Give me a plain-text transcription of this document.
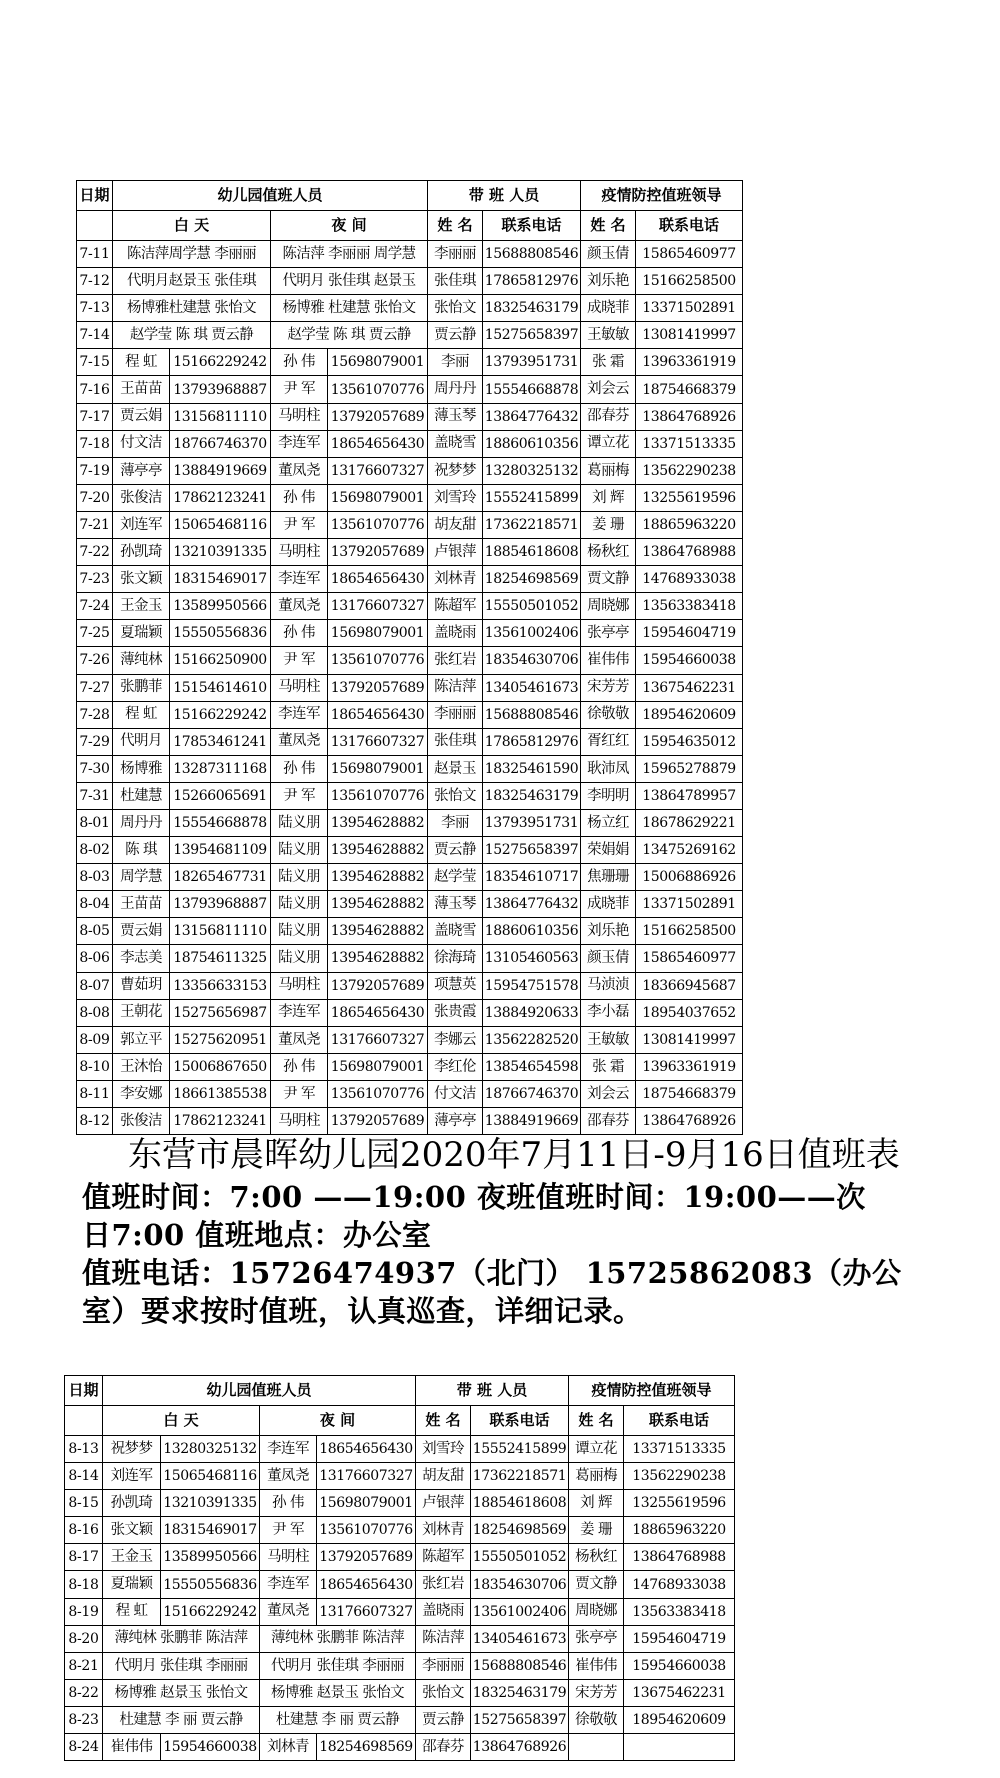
日期	幼儿园值班人员				带 班 人员		疫情防控值班领导	
	白 天		夜 间		姓 名	联系电话	姓 名	联系电话
7-11	陈洁萍周学慧 李丽丽		陈洁萍 李丽丽 周学慧		李丽丽	15688808546	颜玉倩	15865460977
7-12	代明月赵景玉 张佳琪		代明月 张佳琪 赵景玉		张佳琪	17865812976	刘乐艳	15166258500
7-13	杨博雅杜建慧 张怡文		杨博雅 杜建慧 张怡文		张怡文	18325463179	成晓菲	13371502891
7-14	赵学莹 陈 琪 贾云静		赵学莹 陈 琪 贾云静		贾云静	15275658397	王敏敏	13081419997
7-15	程 虹	15166229242	孙 伟	15698079001	李丽	13793951731	张 霜	13963361919
7-16	王苗苗	13793968887	尹 军	13561070776	周丹丹	15554668878	刘会云	18754668379
7-17	贾云娟	13156811110	马明柱	13792057689	薄玉琴	13864776432	邵春芬	13864768926
7-18	付文洁	18766746370	李连军	18654656430	盖晓雪	18860610356	谭立花	13371513335
7-19	薄亭亭	13884919669	董凤尧	13176607327	祝梦梦	13280325132	葛丽梅	13562290238
7-20	张俊洁	17862123241	孙 伟	15698079001	刘雪玲	15552415899	刘 辉	13255619596
7-21	刘连军	15065468116	尹 军	13561070776	胡友甜	17362218571	姜 珊	18865963220
7-22	孙凯琦	13210391335	马明柱	13792057689	卢银萍	18854618608	杨秋红	13864768988
7-23	张文颖	18315469017	李连军	18654656430	刘林青	18254698569	贾文静	14768933038
7-24	王金玉	13589950566	董凤尧	13176607327	陈超军	15550501052	周晓娜	13563383418
7-25	夏瑞颖	15550556836	孙 伟	15698079001	盖晓雨	13561002406	张亭亭	15954604719
7-26	薄纯林	15166250900	尹 军	13561070776	张红岩	18354630706	崔伟伟	15954660038
7-27	张鹏菲	15154614610	马明柱	13792057689	陈洁萍	13405461673	宋芳芳	13675462231
7-28	程 虹	15166229242	李连军	18654656430	李丽丽	15688808546	徐敬敬	18954620609
7-29	代明月	17853461241	董凤尧	13176607327	张佳琪	17865812976	胥红红	15954635012
7-30	杨博雅	13287311168	孙 伟	15698079001	赵景玉	18325461590	耿沛凤	15965278879
7-31	杜建慧	15266065691	尹 军	13561070776	张怡文	18325463179	李明明	13864789957
8-01	周丹丹	15554668878	陆义朋	13954628882	李丽	13793951731	杨立红	18678629221
8-02	陈 琪	13954681109	陆义朋	13954628882	贾云静	15275658397	荣娟娟	13475269162
8-03	周学慧	18265467731	陆义朋	13954628882	赵学莹	18354610717	焦珊珊	15006886926
8-04	王苗苗	13793968887	陆义朋	13954628882	薄玉琴	13864776432	成晓菲	13371502891
8-05	贾云娟	13156811110	陆义朋	13954628882	盖晓雪	18860610356	刘乐艳	15166258500
8-06	李志美	18754611325	陆义朋	13954628882	徐海琦	13105460563	颜玉倩	15865460977
8-07	曹茹玥	13356633153	马明柱	13792057689	项慧英	15954751578	马浈浈	18366945687
8-08	王朝花	15275656987	李连军	18654656430	张贵霞	13884920633	李小磊	18954037652
8-09	郭立平	15275620951	董凤尧	13176607327	李娜云	13562282520	王敏敏	13081419997
8-10	王沐怡	15006867650	孙 伟	15698079001	李红伦	13854654598	张 霜	13963361919
8-11	李安娜	18661385538	尹 军	13561070776	付文洁	18766746370	刘会云	18754668379
8-12	张俊洁	17862123241	马明柱	13792057689	薄亭亭	13884919669	邵春芬	13864768926
东营市晨晖幼儿园2020年7月11日-9月16日值班表

值班时间：7:00 ——19:00 夜班值班时间：19:00——次

日7:00 值班地点：办公室

值班电话：15726474937（北门） 15725862083（办公

室）要求按时值班，认真巡查，详细记录。

日期	幼儿园值班人员				带 班 人员		疫情防控值班领导	
	白 天		夜 间		姓 名	联系电话	姓 名	联系电话
8-13	祝梦梦	13280325132	李连军	18654656430	刘雪玲	15552415899	谭立花	13371513335
8-14	刘连军	15065468116	董凤尧	13176607327	胡友甜	17362218571	葛丽梅	13562290238
8-15	孙凯琦	13210391335	孙 伟	15698079001	卢银萍	18854618608	刘 辉	13255619596
8-16	张文颖	18315469017	尹 军	13561070776	刘林青	18254698569	姜 珊	18865963220
8-17	王金玉	13589950566	马明柱	13792057689	陈超军	15550501052	杨秋红	13864768988
8-18	夏瑞颖	15550556836	李连军	18654656430	张红岩	18354630706	贾文静	14768933038
8-19	程 虹	15166229242	董凤尧	13176607327	盖晓雨	13561002406	周晓娜	13563383418
8-20	薄纯林 张鹏菲 陈洁萍		薄纯林 张鹏菲 陈洁萍		陈洁萍	13405461673	张亭亭	15954604719
8-21	代明月 张佳琪 李丽丽		代明月 张佳琪 李丽丽		李丽丽	15688808546	崔伟伟	15954660038
8-22	杨博雅 赵景玉 张怡文		杨博雅 赵景玉 张怡文		张怡文	18325463179	宋芳芳	13675462231
8-23	杜建慧 李 丽 贾云静		杜建慧 李 丽 贾云静		贾云静	15275658397	徐敬敬	18954620609
8-24	崔伟伟	15954660038	刘林青	18254698569	邵春芬	13864768926		
